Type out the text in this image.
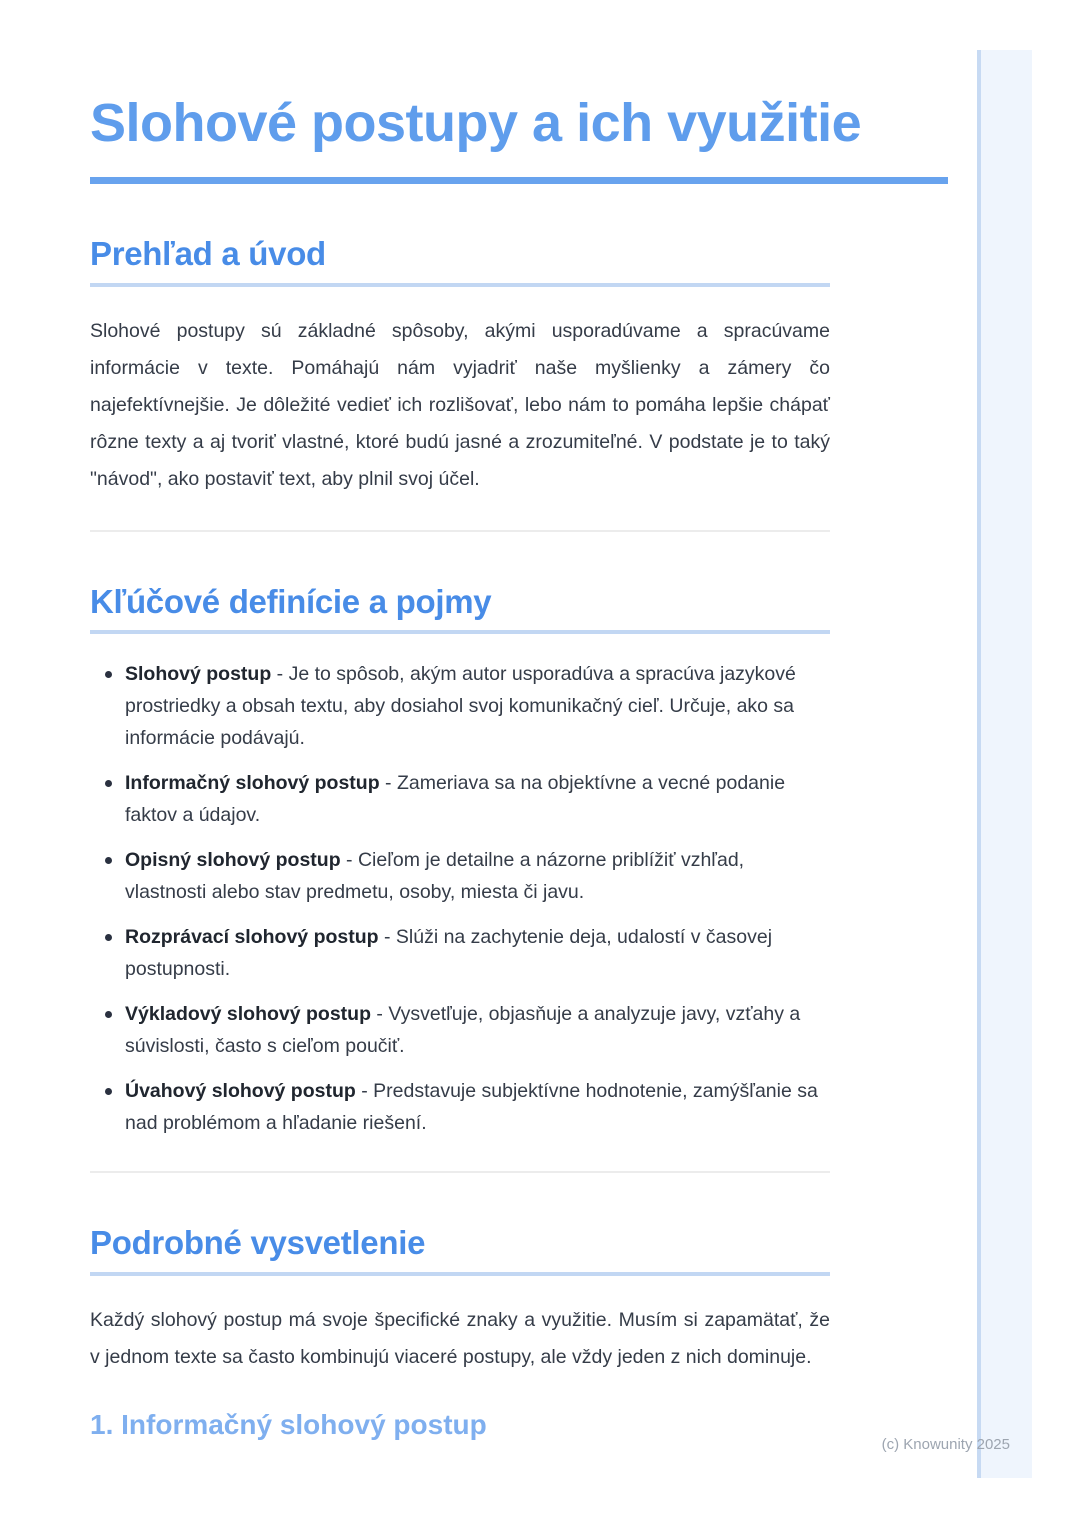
Slohové postupy a ich využitie
Prehľad a úvod

Slohové postupy sú základné spôsoby, akými usporadúvame a spracúvame informácie v texte. Pomáhajú nám vyjadriť naše myšlienky a zámery čo najefektívnejšie. Je dôležité vedieť ich rozlišovať, lebo nám to pomáha lepšie chápať rôzne texty a aj tvoriť vlastné, ktoré budú jasné a zrozumiteľné. V podstate je to taký "návod", ako postaviť text, aby plnil svoj účel.

Kľúčové definície a pojmy
Slohový postup - Je to spôsob, akým autor usporadúva a spracúva jazykové prostriedky a obsah textu, aby dosiahol svoj komunikačný cieľ. Určuje, ako sa informácie podávajú.
Informačný slohový postup - Zameriava sa na objektívne a vecné podanie faktov a údajov.
Opisný slohový postup - Cieľom je detailne a názorne priblížiť vzhľad, vlastnosti alebo stav predmetu, osoby, miesta či javu.
Rozprávací slohový postup - Slúži na zachytenie deja, udalostí v časovej postupnosti.
Výkladový slohový postup - Vysvetľuje, objasňuje a analyzuje javy, vzťahy a súvislosti, často s cieľom poučiť.
Úvahový slohový postup - Predstavuje subjektívne hodnotenie, zamýšľanie sa nad problémom a hľadanie riešení.
Podrobné vysvetlenie

Každý slohový postup má svoje špecifické znaky a využitie. Musím si zapamätať, že v jednom texte sa často kombinujú viaceré postupy, ale vždy jeden z nich dominuje.

1. Informačný slohový postup
(c) Knowunity 2025
